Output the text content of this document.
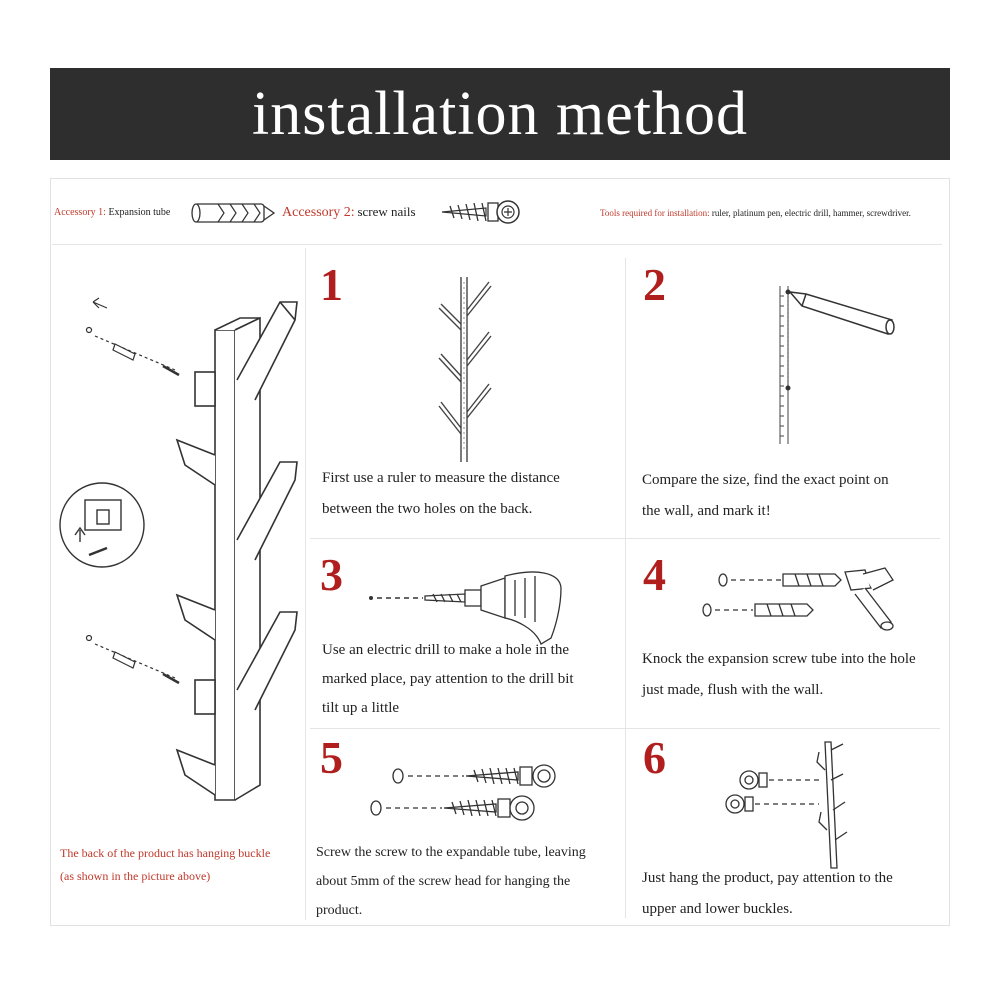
installation method
Accessory 1: Expansion tube	Accessory 2: screw nails	Tools required for installation: ruler, platinum pen, electric drill, hammer, screwdriver.
The back of the product has hanging buckle
(as shown in the picture above)
1
First use a ruler to measure the distance
between the two holes on the back.
2
Compare the size, find the exact point on
the wall, and mark it!
3
Use an electric drill to make a hole in the
marked place, pay attention to the drill bit
tilt up a little
4
Knock the expansion screw tube into the hole
just made, flush with the wall.
5
Screw the screw to the expandable tube, leaving
about 5mm of the screw head for hanging the
product.
6
Just hang the product, pay attention to the
upper and lower buckles.
